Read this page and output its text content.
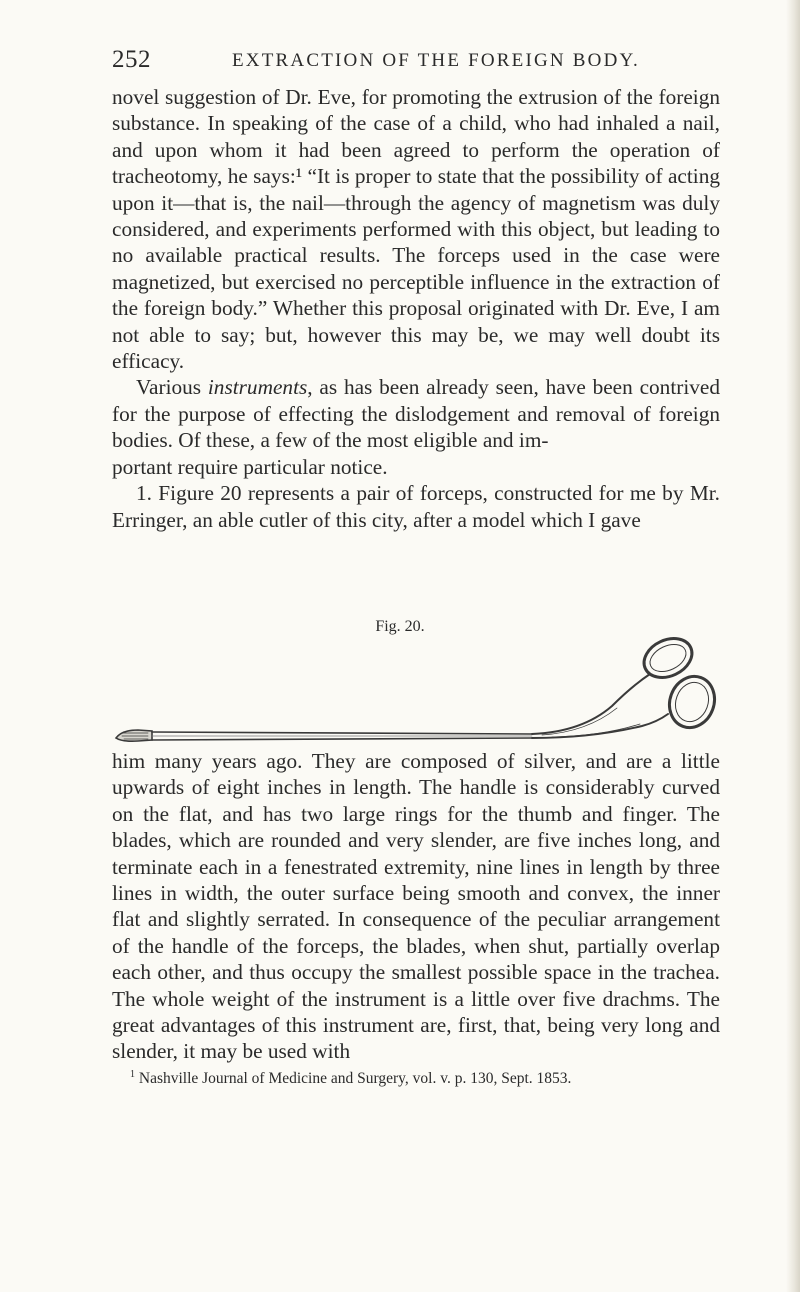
252	EXTRACTION OF THE FOREIGN BODY.

novel suggestion of Dr. Eve, for promoting the extrusion of the foreign substance. In speaking of the case of a child, who had inhaled a nail, and upon whom it had been agreed to perform the operation of tracheotomy, he says:¹ “It is proper to state that the possibility of acting upon it—that is, the nail—through the agency of magnetism was duly considered, and experiments performed with this object, but leading to no available practical results. The forceps used in the case were magnetized, but exercised no perceptible influence in the extraction of the foreign body.” Whether this proposal originated with Dr. Eve, I am not able to say; but, however this may be, we may well doubt its efficacy.

Various instruments, as has been already seen, have been contrived for the purpose of effecting the dislodgement and removal of foreign bodies. Of these, a few of the most eligible and im-

portant require particular notice.

1. Figure 20 represents a pair of forceps, constructed for me by Mr. Erringer, an able cutler of this city, after a model which I gave

Fig. 20.

him many years ago. They are composed of silver, and are a little upwards of eight inches in length. The handle is considerably curved on the flat, and has two large rings for the thumb and finger. The blades, which are rounded and very slender, are five inches long, and terminate each in a fenestrated extremity, nine lines in length by three lines in width, the outer surface being smooth and convex, the inner flat and slightly serrated. In consequence of the peculiar arrangement of the handle of the forceps, the blades, when shut, partially overlap each other, and thus occupy the smallest possible space in the trachea. The whole weight of the instrument is a little over five drachms. The great advantages of this instrument are, first, that, being very long and slender, it may be used with

$^1$ Nashville Journal of Medicine and Surgery, vol. v. p. 130, Sept. 1853.
